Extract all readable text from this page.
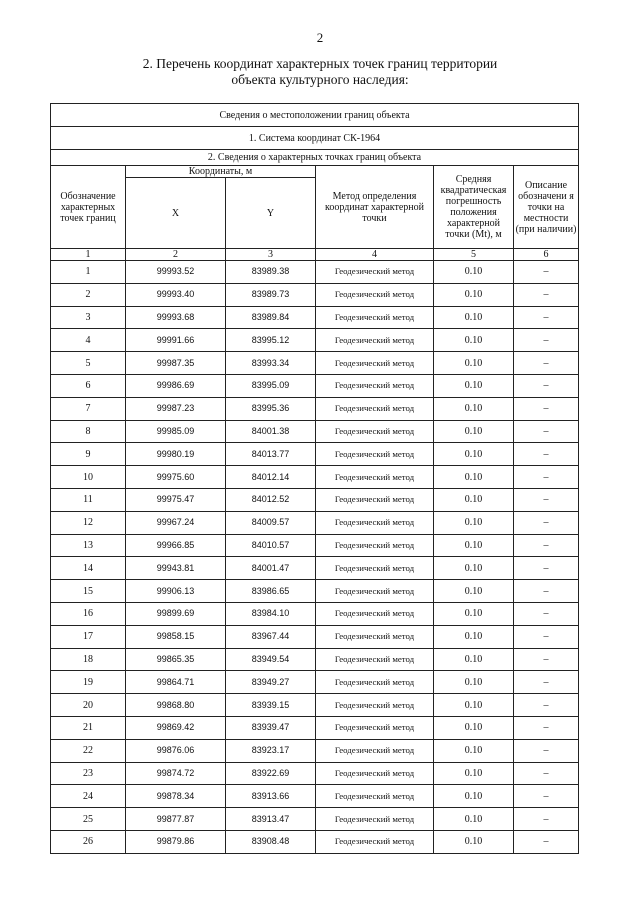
2
2. Перечень координат характерных точек границ территории
объекта культурного наследия:
Сведения о местоположении границ объекта					
1. Система координат СК-1964					
2. Сведения о характерных точках границ объекта					
Обозначение характерных точек границ	Координаты, м		Метод определения координат характерной точки	Средняя квадратическая погрешность положения характерной точки (Mt), м	Описание обозначени я точки на местности (при наличии)
	X	Y			
1	2	3	4	5	6
1	99993.52	83989.38	Геодезический метод	0.10	–
2	99993.40	83989.73	Геодезический метод	0.10	–
3	99993.68	83989.84	Геодезический метод	0.10	–
4	99991.66	83995.12	Геодезический метод	0.10	–
5	99987.35	83993.34	Геодезический метод	0.10	–
6	99986.69	83995.09	Геодезический метод	0.10	–
7	99987.23	83995.36	Геодезический метод	0.10	–
8	99985.09	84001.38	Геодезический метод	0.10	–
9	99980.19	84013.77	Геодезический метод	0.10	–
10	99975.60	84012.14	Геодезический метод	0.10	–
11	99975.47	84012.52	Геодезический метод	0.10	–
12	99967.24	84009.57	Геодезический метод	0.10	–
13	99966.85	84010.57	Геодезический метод	0.10	–
14	99943.81	84001.47	Геодезический метод	0.10	–
15	99906.13	83986.65	Геодезический метод	0.10	–
16	99899.69	83984.10	Геодезический метод	0.10	–
17	99858.15	83967.44	Геодезический метод	0.10	–
18	99865.35	83949.54	Геодезический метод	0.10	–
19	99864.71	83949.27	Геодезический метод	0.10	–
20	99868.80	83939.15	Геодезический метод	0.10	–
21	99869.42	83939.47	Геодезический метод	0.10	–
22	99876.06	83923.17	Геодезический метод	0.10	–
23	99874.72	83922.69	Геодезический метод	0.10	–
24	99878.34	83913.66	Геодезический метод	0.10	–
25	99877.87	83913.47	Геодезический метод	0.10	–
26	99879.86	83908.48	Геодезический метод	0.10	–
